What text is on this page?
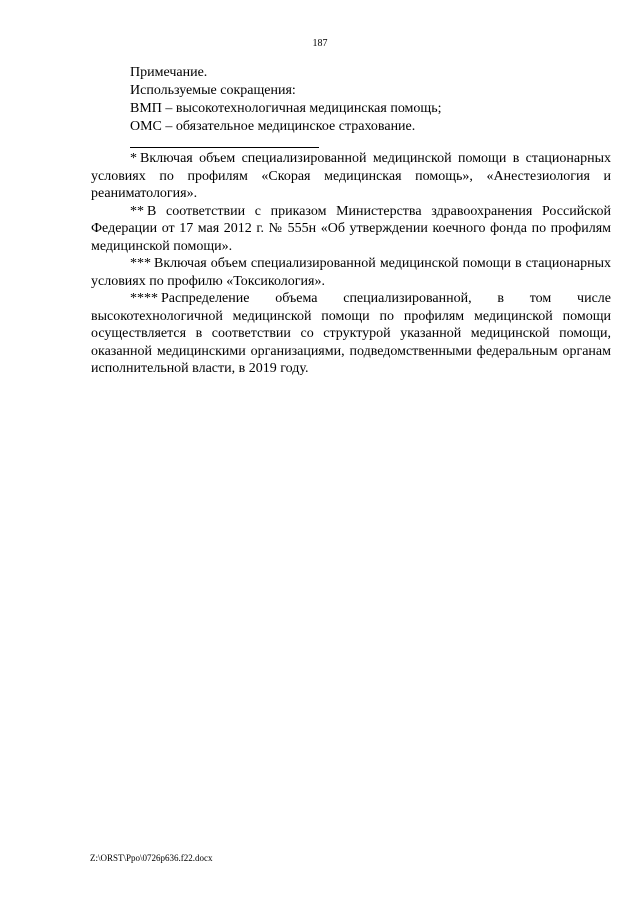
187

Примечание.

Используемые сокращения:

ВМП – высокотехнологичная медицинская помощь;

ОМС – обязательное медицинское страхование.

* Включая объем специализированной медицинской помощи в стационарных условиях по профилям «Скорая медицинская помощь», «Анестезиология и реаниматология».

** В соответствии с приказом Министерства здравоохранения Российской Федерации от 17 мая 2012 г. № 555н «Об утверждении коечного фонда по профилям медицинской помощи».

*** Включая объем специализированной медицинской помощи в стационарных условиях по профилю «Токсикология».

**** Распределение объема специализированной, в том числе высокотехнологичной медицинской помощи по профилям медицинской помощи осуществляется в соответствии со структурой указанной медицинской помощи, оказанной медицинскими организациями, подведомственными федеральным органам исполнительной власти, в 2019 году.

Z:\ORST\Ppo\0726p636.f22.docx
